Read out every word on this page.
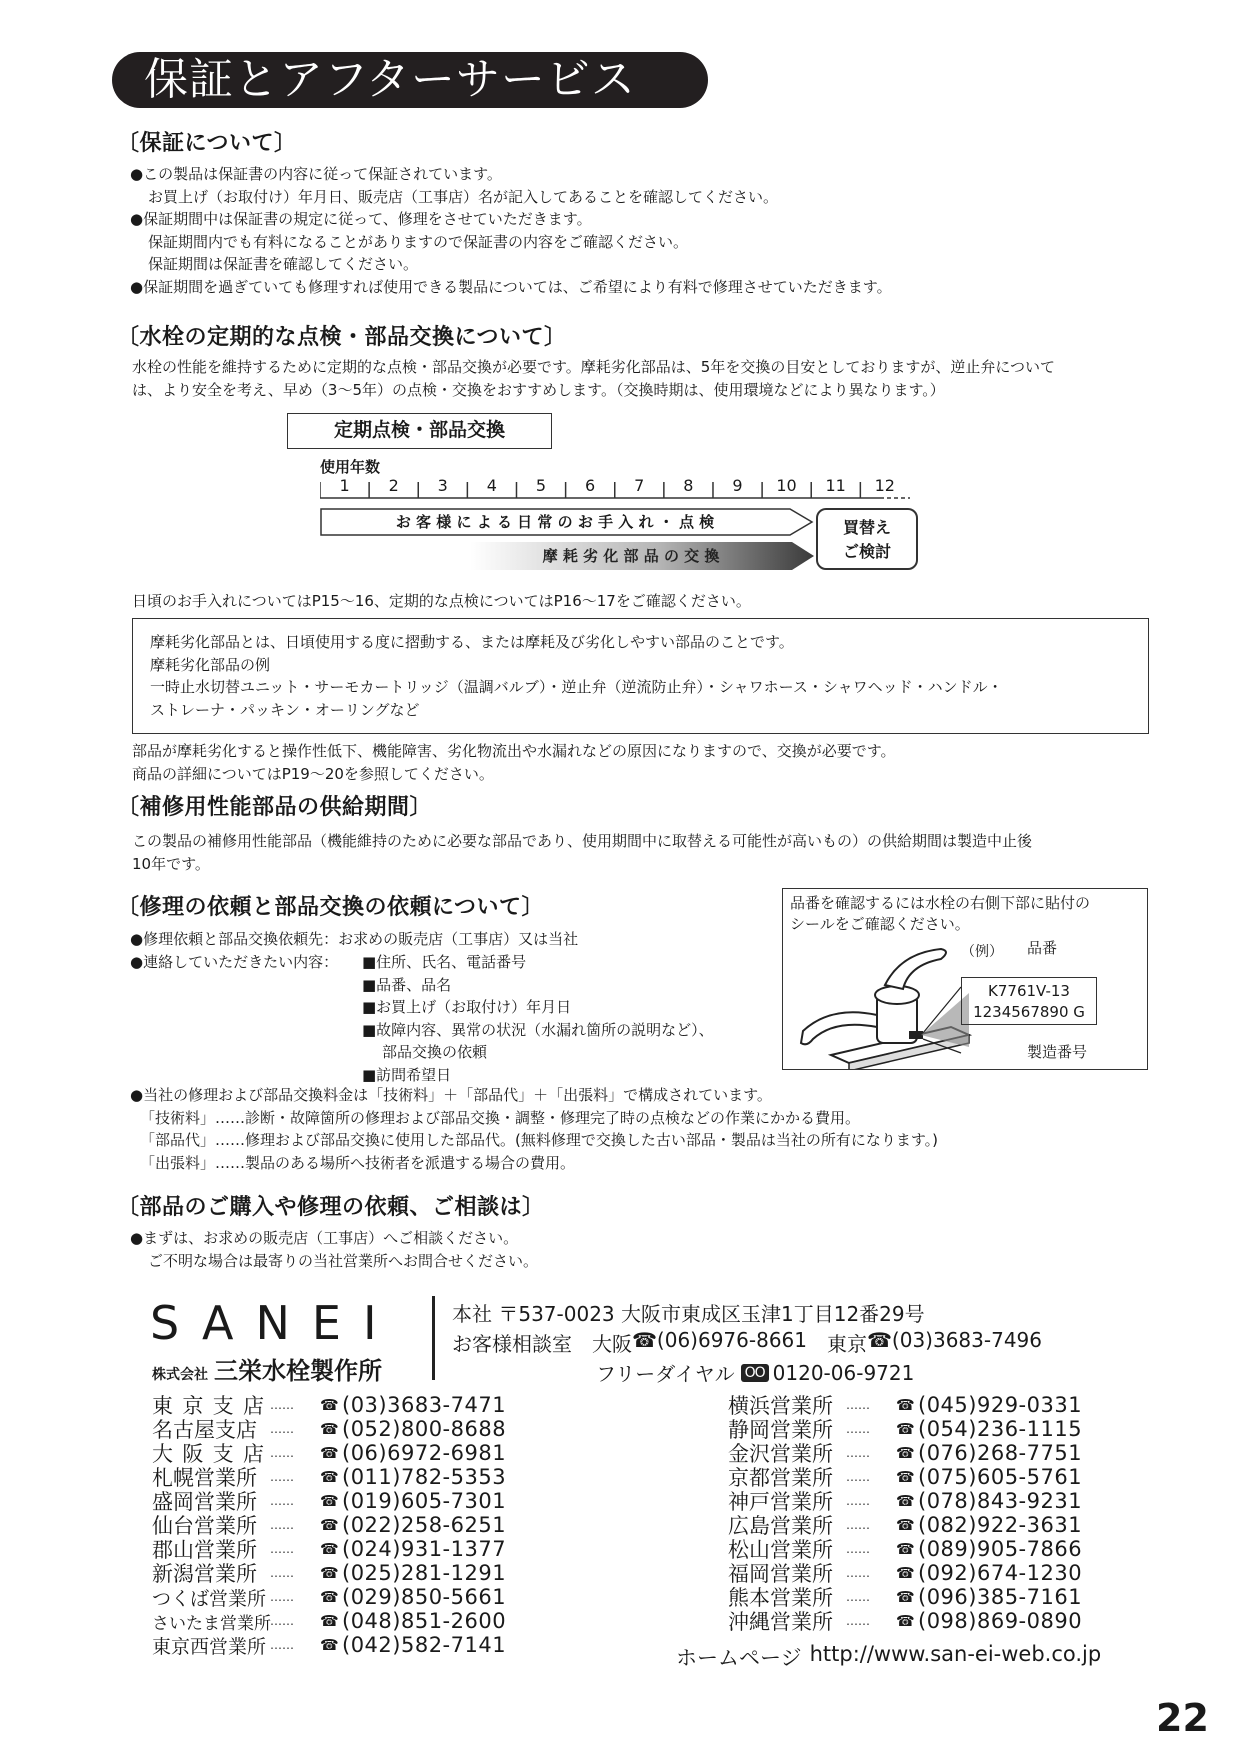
保証とアフターサービス
〔保証について〕
●この製品は保証書の内容に従って保証されています。
お買上げ（お取付け）年月日、販売店（工事店）名が記入してあることを確認してください。
●保証期間中は保証書の規定に従って、修理をさせていただきます。
保証期間内でも有料になることがありますので保証書の内容をご確認ください。
保証期間は保証書を確認してください。
●保証期間を過ぎていても修理すれば使用できる製品については、ご希望により有料で修理させていただきます。
〔水栓の定期的な点検・部品交換について〕
水栓の性能を維持するために定期的な点検・部品交換が必要です。摩耗劣化部品は、5年を交換の目安としておりますが、逆止弁について
は、より安全を考え、早め（3～5年）の点検・交換をおすすめします。（交換時期は、使用環境などにより異なります。）
定期点検・部品交換
使用年数
1	2	3	4	5	6	7	8	9	10	11	12
お 客 様 に よ る 日 常 の お 手 入 れ ・ 点 検
摩 耗 劣 化 部 品 の 交 換
買替え
ご検討
日頃のお手入れについてはP15～16、定期的な点検についてはP16～17をご確認ください。
摩耗劣化部品とは、日頃使用する度に摺動する、または摩耗及び劣化しやすい部品のことです。
摩耗劣化部品の例
一時止水切替ユニット・サーモカートリッジ（温調バルブ）・逆止弁（逆流防止弁）・シャワホース・シャワヘッド・ハンドル・
ストレーナ・パッキン・オーリングなど
部品が摩耗劣化すると操作性低下、機能障害、劣化物流出や水漏れなどの原因になりますので、交換が必要です。
商品の詳細についてはP19～20を参照してください。
〔補修用性能部品の供給期間〕
この製品の補修用性能部品（機能維持のために必要な部品であり、使用期間中に取替える可能性が高いもの）の供給期間は製造中止後
10年です。
〔修理の依頼と部品交換の依頼について〕
●修理依頼と部品交換依頼先：お求めの販売店（工事店）又は当社
●連絡していただきたい内容： ■住所、氏名、電話番号
■品番、品名
■お買上げ（お取付け）年月日
■故障内容、異常の状況（水漏れ箇所の説明など）、
部品交換の依頼
■訪問希望日
品番を確認するには水栓の右側下部に貼付の
シールをご確認ください。
（例） 品番
K7761V-13
1234567890 G
製造番号
●当社の修理および部品交換料金は「技術料」＋「部品代」＋「出張料」で構成されています。
「技術料」……診断・故障箇所の修理および部品交換・調整・修理完了時の点検などの作業にかかる費用。
「部品代」……修理および部品交換に使用した部品代。(無料修理で交換した古い部品・製品は当社の所有になります。)
「出張料」……製品のある場所へ技術者を派遣する場合の費用。
〔部品のご購入や修理の依頼、ご相談は〕
●まずは、お求めの販売店（工事店）へご相談ください。
ご不明な場合は最寄りの当社営業所へお問合せください。
SANEI
株式会社 三栄水栓製作所
本社 〒537-0023 大阪市東成区玉津1丁目12番29号
お客様相談室 大阪 ☎ (06)6976-8661 東京 ☎ (03)3683-7496
フリーダイヤル OO 0120-06-9721
東 京 支 店 ……	☎ (03)3683-7471
名古屋支店	……	☎ (052)800-8688
大 阪 支 店 ……	☎ (06)6972-6981
札幌営業所	……	☎ (011)782-5353
盛岡営業所	……	☎ (019)605-7301
仙台営業所	……	☎ (022)258-6251
郡山営業所	……	☎ (024)931-1377
新潟営業所	……	☎ (025)281-1291
つくば営業所 ……	☎ (029)850-5661
さいたま営業所 ……	☎ (048)851-2600
東京西営業所 ……	☎ (042)582-7141
横浜営業所	……	☎ (045)929-0331
静岡営業所	……	☎ (054)236-1115
金沢営業所	……	☎ (076)268-7751
京都営業所	……	☎ (075)605-5761
神戸営業所	……	☎ (078)843-9231
広島営業所	……	☎ (082)922-3631
松山営業所	……	☎ (089)905-7866
福岡営業所	……	☎ (092)674-1230
熊本営業所	……	☎ (096)385-7161
沖縄営業所	……	☎ (098)869-0890
ホームページ http://www.san-ei-web.co.jp
22
